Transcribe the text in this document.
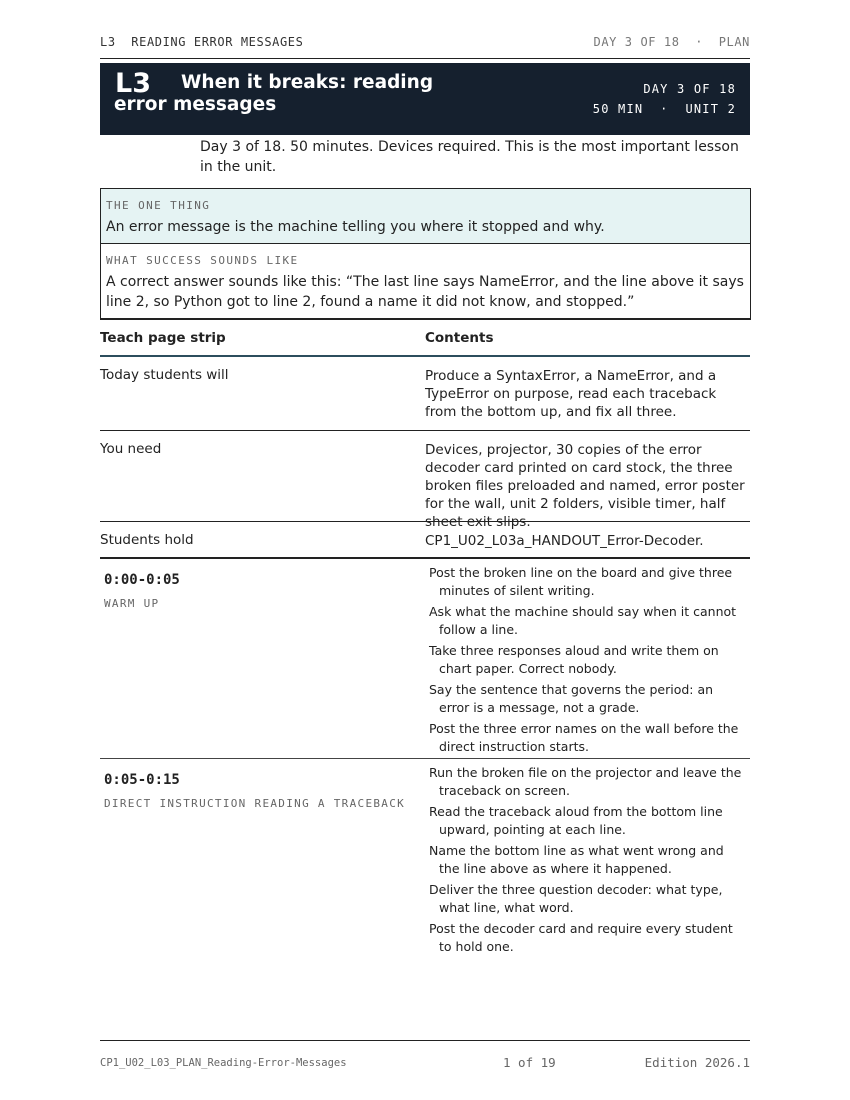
L3  READING ERROR MESSAGES	DAY 3 OF 18  ·  PLAN
L3	When it breaks: reading error messages
DAY 3 OF 18
50 MIN  ·  UNIT 2
Day 3 of 18. 50 minutes. Devices required. This is the most important lesson in the unit.
THE ONE THING
An error message is the machine telling you where it stopped and why.
WHAT SUCCESS SOUNDS LIKE
A correct answer sounds like this: “The last line says NameError, and the line above it says line 2, so Python got to line 2, found a name it did not know, and stopped.”
Teach page strip	Contents
Today students will	Produce a SyntaxError, a NameError, and a TypeError on purpose, read each traceback from the bottom up, and fix all three.
You need	Devices, projector, 30 copies of the error decoder card printed on card stock, the three broken files preloaded and named, error poster for the wall, unit 2 folders, visible timer, half sheet exit slips.
Students hold	CP1_U02_L03a_HANDOUT_Error-Decoder.
0:00-0:05
WARM UP
Post the broken line on the board and give three minutes of silent writing.
Ask what the machine should say when it cannot follow a line.
Take three responses aloud and write them on chart paper. Correct nobody.
Say the sentence that governs the period: an error is a message, not a grade.
Post the three error names on the wall before the direct instruction starts.
0:05-0:15
DIRECT INSTRUCTION READING A TRACEBACK
Run the broken file on the projector and leave the traceback on screen.
Read the traceback aloud from the bottom line upward, pointing at each line.
Name the bottom line as what went wrong and the line above as where it happened.
Deliver the three question decoder: what type, what line, what word.
Post the decoder card and require every student to hold one.
CP1_U02_L03_PLAN_Reading-Error-Messages	1 of 19	Edition 2026.1
